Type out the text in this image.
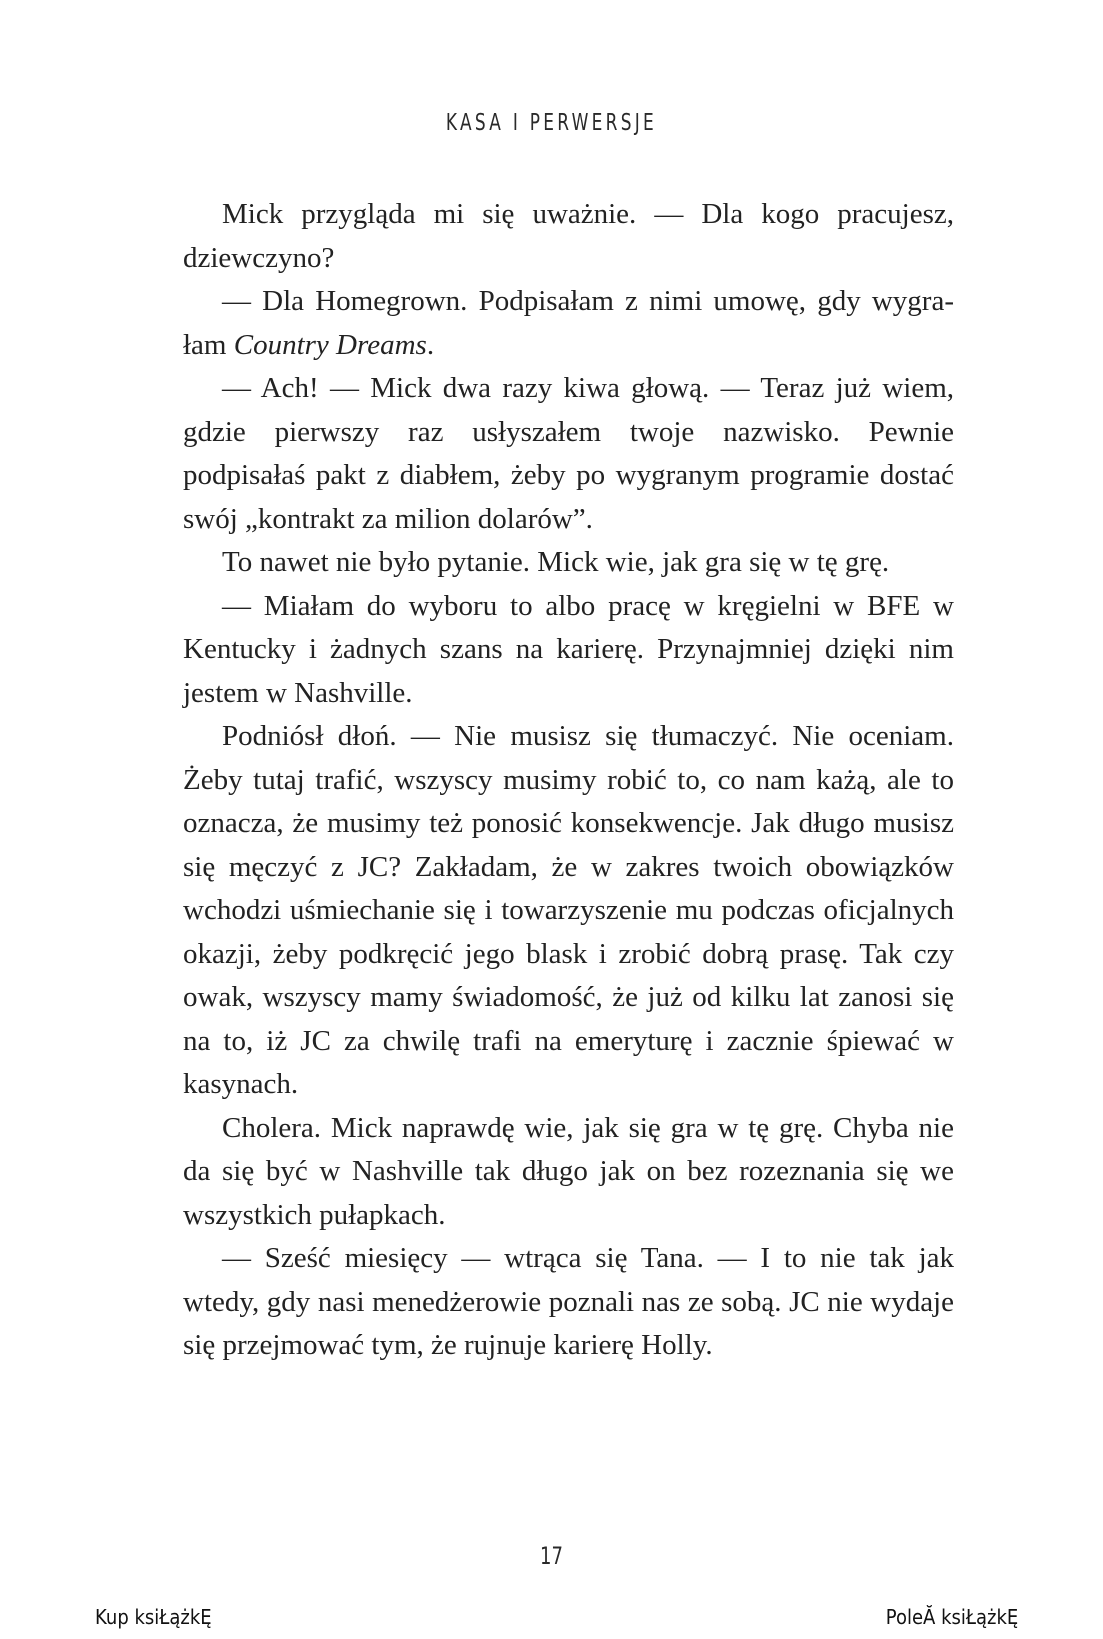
KASA I PERWERSJE

Mick przygląda mi się uważnie. — Dla kogo pracujesz, dziewczyno?

— Dla Homegrown. Podpisałam z nimi umowę, gdy wygrałam Country Dreams.

— Ach! — Mick dwa razy kiwa głową. — Teraz już wiem, gdzie pierwszy raz usłyszałem twoje nazwisko. Pewnie podpisałaś pakt z diabłem, żeby po wygranym programie dostać swój „kontrakt za milion dolarów”.

To nawet nie było pytanie. Mick wie, jak gra się w tę grę.

— Miałam do wyboru to albo pracę w kręgielni w BFE w Kentucky i żadnych szans na karierę. Przynajmniej dzięki nim jestem w Nashville.

Podniósł dłoń. — Nie musisz się tłumaczyć. Nie oceniam. Żeby tutaj trafić, wszyscy musimy robić to, co nam każą, ale to oznacza, że musimy też ponosić konsekwencje. Jak długo musisz się męczyć z JC? Zakładam, że w zakres twoich obowiązków wchodzi uśmiechanie się i towarzyszenie mu podczas oficjalnych okazji, żeby podkręcić jego blask i zrobić dobrą prasę. Tak czy owak, wszyscy mamy świadomość, że już od kilku lat zanosi się na to, iż JC za chwilę trafi na emeryturę i zacznie śpiewać w kasynach.

Cholera. Mick naprawdę wie, jak się gra w tę grę. Chyba nie da się być w Nashville tak długo jak on bez rozeznania się we wszystkich pułapkach.

— Sześć miesięcy — wtrąca się Tana. — I to nie tak jak wtedy, gdy nasi menedżerowie poznali nas ze sobą. JC nie wydaje się przejmować tym, że rujnuje karierę Holly.

17
Kup ksiŁążkĘ	PoleĂ ksiŁążkĘ
